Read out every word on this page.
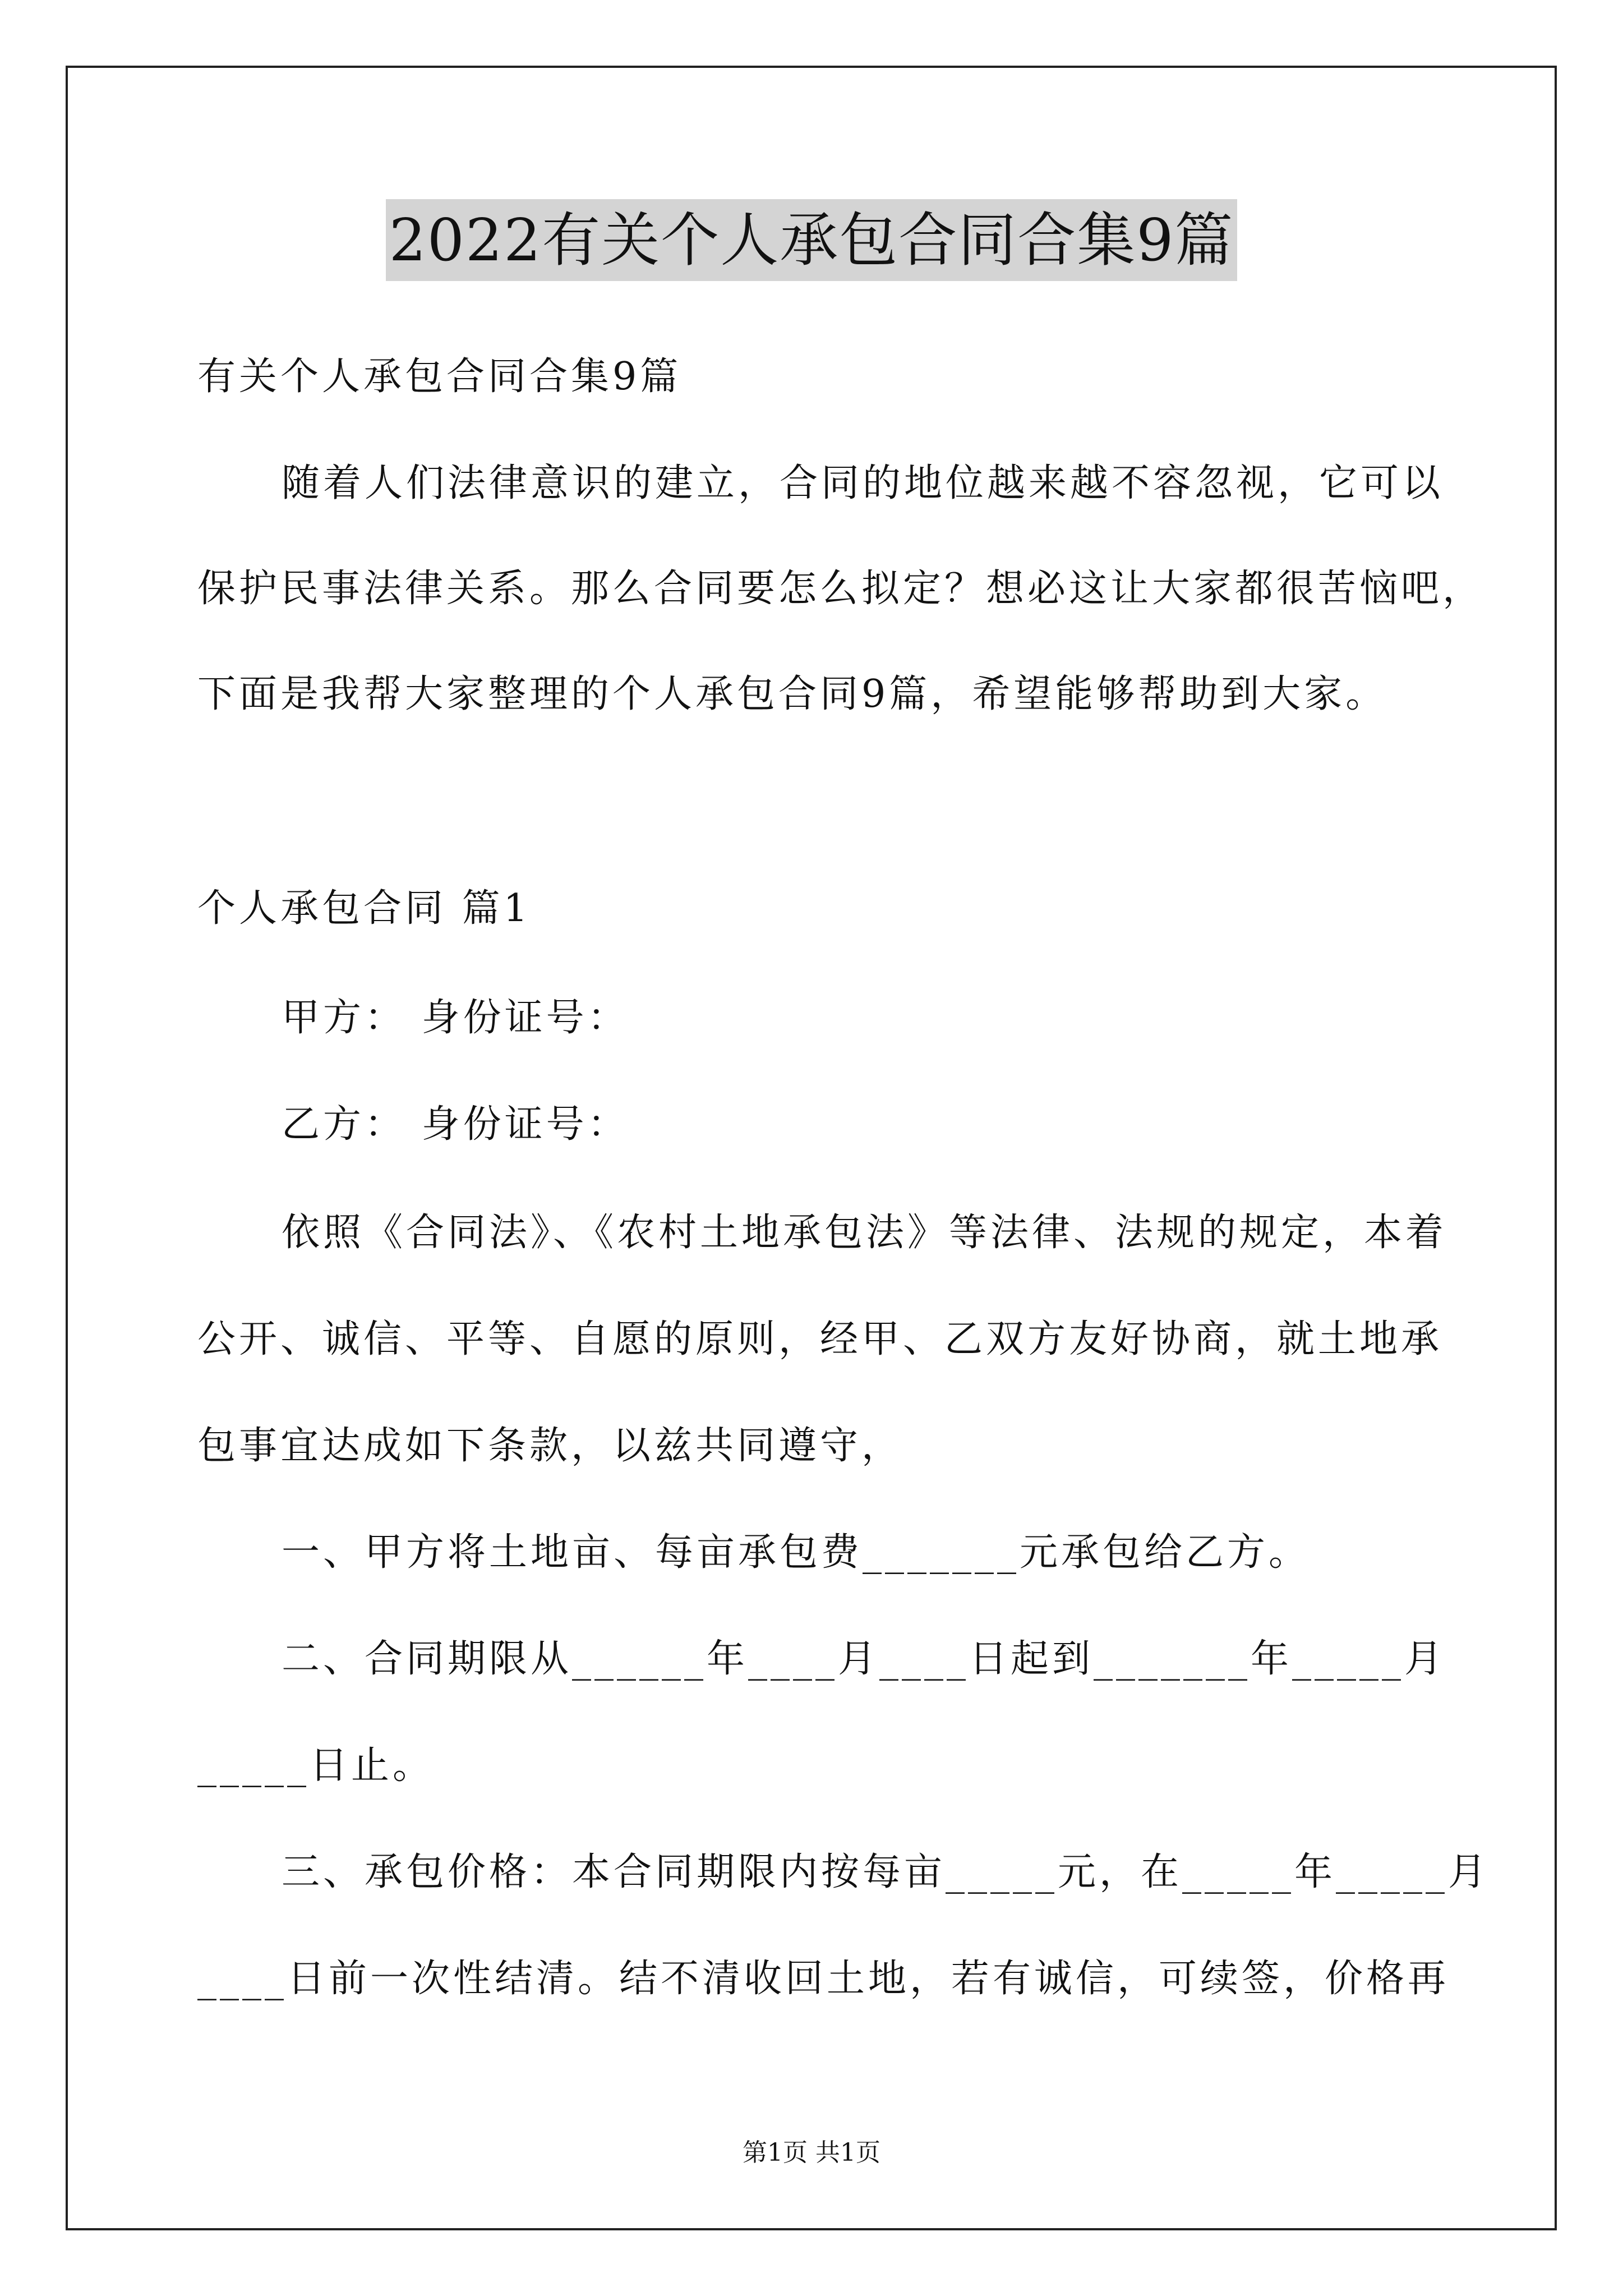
2022有关个人承包合同合集9篇
有关个人承包合同合集9篇
随着人们法律意识的建立，合同的地位越来越不容忽视，它可以
保护民事法律关系。那么合同要怎么拟定？想必这让大家都很苦恼吧，
下面是我帮大家整理的个人承包合同9篇，希望能够帮助到大家。
个人承包合同 篇1
甲方： 身份证号：
乙方： 身份证号：
依照《合同法》、《农村土地承包法》等法律、法规的规定，本着
公开、诚信、平等、自愿的原则，经甲、乙双方友好协商，就土地承
包事宜达成如下条款，以兹共同遵守，
一、甲方将土地亩、每亩承包费_______元承包给乙方。
二、合同期限从______年____月____日起到_______年_____月
_____日止。
三、承包价格：本合同期限内按每亩_____元，在_____年_____月
____日前一次性结清。结不清收回土地，若有诚信，可续签，价格再
第1页 共1页
